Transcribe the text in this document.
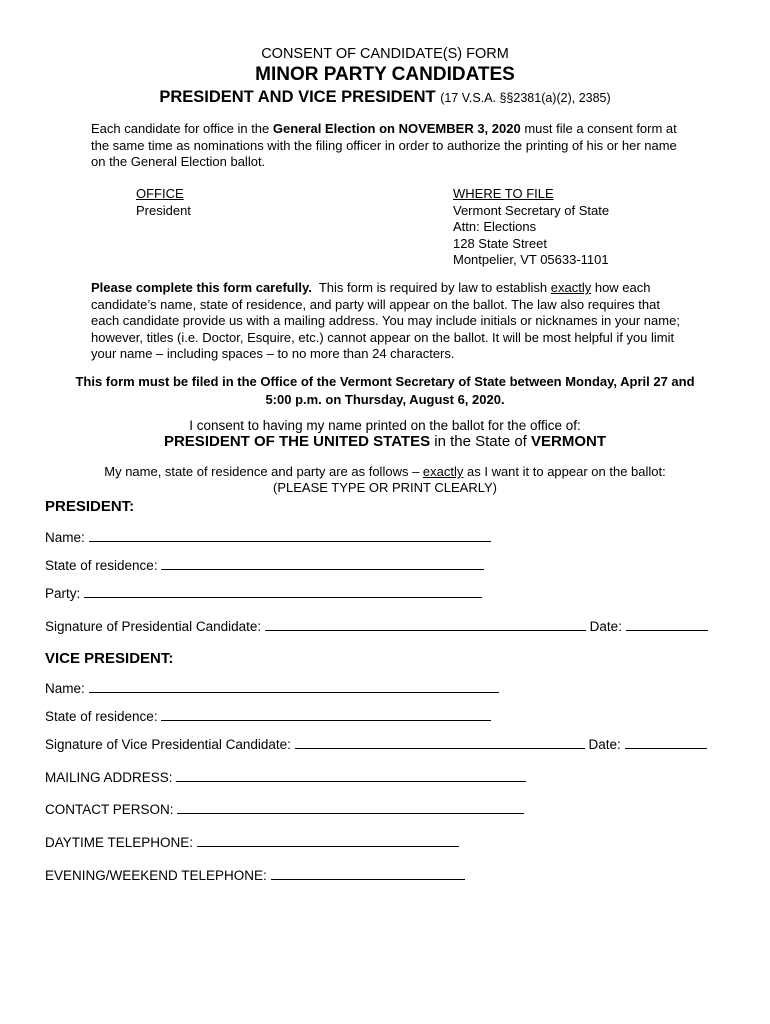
CONSENT OF CANDIDATE(S) FORM
MINOR PARTY CANDIDATES
PRESIDENT AND VICE PRESIDENT (17 V.S.A. §§2381(a)(2), 2385)
Each candidate for office in the General Election on NOVEMBER 3, 2020 must file a consent form at the same time as nominations with the filing officer in order to authorize the printing of his or her name on the General Election ballot.
OFFICE
President
WHERE TO FILE
Vermont Secretary of State
Attn: Elections
128 State Street
Montpelier, VT 05633-1101
Please complete this form carefully.  This form is required by law to establish exactly how each candidate’s name, state of residence, and party will appear on the ballot. The law also requires that each candidate provide us with a mailing address. You may include initials or nicknames in your name; however, titles (i.e. Doctor, Esquire, etc.) cannot appear on the ballot. It will be most helpful if you limit your name – including spaces – to no more than 24 characters.
This form must be filed in the Office of the Vermont Secretary of State between Monday, April 27 and
5:00 p.m. on Thursday, August 6, 2020.
I consent to having my name printed on the ballot for the office of:
PRESIDENT OF THE UNITED STATES in the State of VERMONT
My name, state of residence and party are as follows – exactly as I want it to appear on the ballot:
(PLEASE TYPE OR PRINT CLEARLY)
PRESIDENT:
Name:
State of residence:
Party:
Signature of Presidential Candidate:	Date:
VICE PRESIDENT:
Name:
State of residence:
Signature of Vice Presidential Candidate:	Date:
MAILING ADDRESS:
CONTACT PERSON:
DAYTIME TELEPHONE:
EVENING/WEEKEND TELEPHONE:
